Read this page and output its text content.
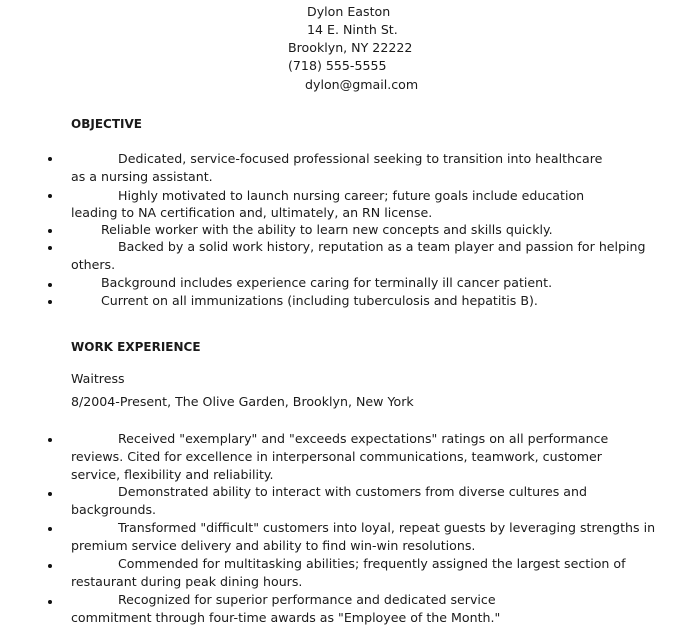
Dylon Easton
14 E. Ninth St.
Brooklyn, NY 22222
(718) 555-5555
dylon@gmail.com
OBJECTIVE
Dedicated, service-focused professional seeking to transition into healthcare
as a nursing assistant.
Highly motivated to launch nursing career; future goals include education
leading to NA certification and, ultimately, an RN license.
Reliable worker with the ability to learn new concepts and skills quickly.
Backed by a solid work history, reputation as a team player and passion for helping
others.
Background includes experience caring for terminally ill cancer patient.
Current on all immunizations (including tuberculosis and hepatitis B).
WORK EXPERIENCE
Waitress
8/2004-Present, The Olive Garden, Brooklyn, New York
Received "exemplary" and "exceeds expectations" ratings on all performance
reviews. Cited for excellence in interpersonal communications, teamwork, customer
service, flexibility and reliability.
Demonstrated ability to interact with customers from diverse cultures and
backgrounds.
Transformed "difficult" customers into loyal, repeat guests by leveraging strengths in
premium service delivery and ability to find win-win resolutions.
Commended for multitasking abilities; frequently assigned the largest section of
restaurant during peak dining hours.
Recognized for superior performance and dedicated service
commitment through four-time awards as "Employee of the Month."
